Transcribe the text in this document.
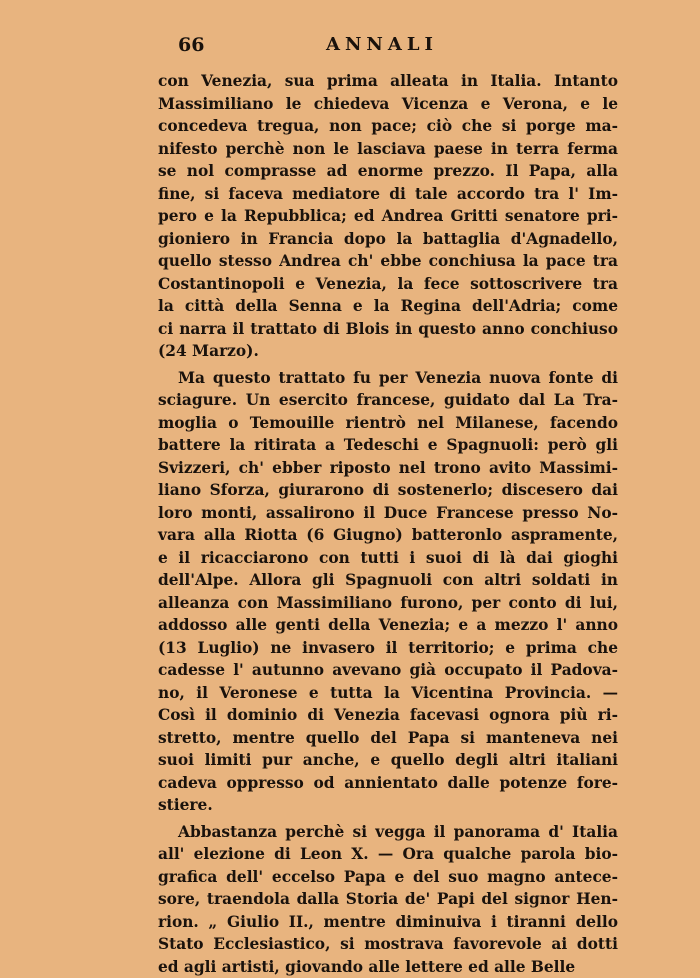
66	ANNALI
con Venezia, sua prima alleata in Italia. Intanto
Massimiliano le chiedeva Vicenza e Verona, e le
concedeva tregua, non pace; ciò che si porge ma-
nifesto perchè non le lasciava paese in terra ferma
se nol comprasse ad enorme prezzo. Il Papa, alla
fine, si faceva mediatore di tale accordo tra l' Im-
pero e la Repubblica; ed Andrea Gritti senatore pri-
gioniero in Francia dopo la battaglia d'Agnadello,
quello stesso Andrea ch' ebbe conchiusa la pace tra
Costantinopoli e Venezia, la fece sottoscrivere tra
la città della Senna e la Regina dell'Adria; come
ci narra il trattato di Blois in questo anno conchiuso
(24 Marzo).
Ma questo trattato fu per Venezia nuova fonte di
sciagure. Un esercito francese, guidato dal La Tra-
moglia o Temouille rientrò nel Milanese, facendo
battere la ritirata a Tedeschi e Spagnuoli: però gli
Svizzeri, ch' ebber riposto nel trono avito Massimi-
liano Sforza, giurarono di sostenerlo; discesero dai
loro monti, assalirono il Duce Francese presso No-
vara alla Riotta (6 Giugno) batteronlo aspramente,
e il ricacciarono con tutti i suoi di là dai gioghi
dell'Alpe. Allora gli Spagnuoli con altri soldati in
alleanza con Massimiliano furono, per conto di lui,
addosso alle genti della Venezia; e a mezzo l' anno
(13 Luglio) ne invasero il territorio; e prima che
cadesse l' autunno avevano già occupato il Padova-
no, il Veronese e tutta la Vicentina Provincia. —
Così il dominio di Venezia facevasi ognora più ri-
stretto, mentre quello del Papa si manteneva nei
suoi limiti pur anche, e quello degli altri italiani
cadeva oppresso od annientato dalle potenze fore-
stiere.
Abbastanza perchè si vegga il panorama d' Italia
all' elezione di Leon X. — Ora qualche parola bio-
grafica dell' eccelso Papa e del suo magno antece-
sore, traendola dalla Storia de' Papi del signor Hen-
rion. „ Giulio II., mentre diminuiva i tiranni dello
Stato Ecclesiastico, si mostrava favorevole ai dotti
ed agli artisti, giovando alle lettere ed alle Belle
